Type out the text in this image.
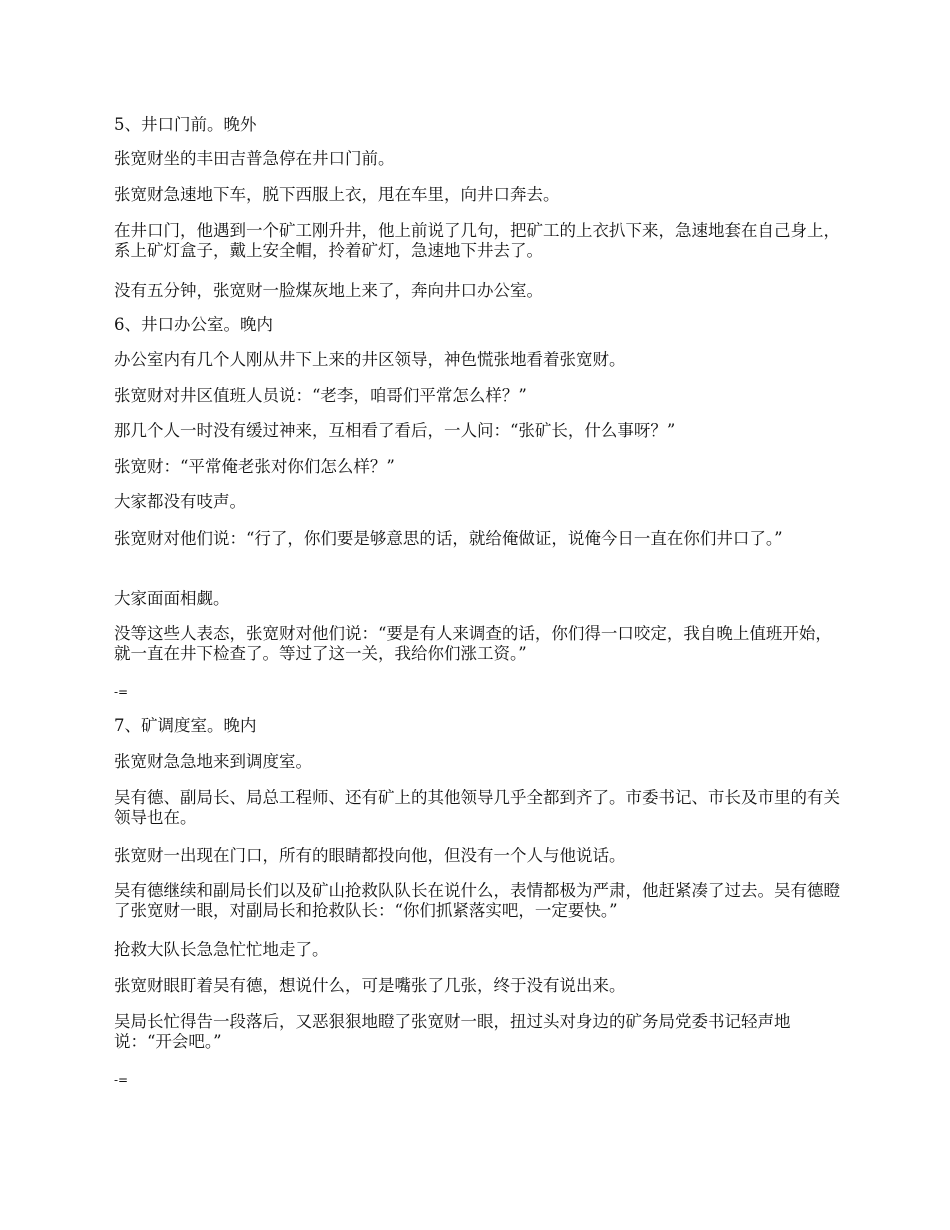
5、井口门前。晚外

张宽财坐的丰田吉普急停在井口门前。

张宽财急速地下车，脱下西服上衣，甩在车里，向井口奔去。

在井口门，他遇到一个矿工刚升井，他上前说了几句，把矿工的上衣扒下来，急速地套在自己身上，系上矿灯盒子，戴上安全帽，拎着矿灯，急速地下井去了。

没有五分钟，张宽财一脸煤灰地上来了，奔向井口办公室。

6、井口办公室。晚内

办公室内有几个人刚从井下上来的井区领导，神色慌张地看着张宽财。

张宽财对井区值班人员说：“老李，咱哥们平常怎么样？”

那几个人一时没有缓过神来，互相看了看后，一人问：“张矿长，什么事呀？”

张宽财：“平常俺老张对你们怎么样？”

大家都没有吱声。

张宽财对他们说：“行了，你们要是够意思的话，就给俺做证，说俺今日一直在你们井口了。”

大家面面相觑。

没等这些人表态，张宽财对他们说：“要是有人来调查的话，你们得一口咬定，我自晚上值班开始，就一直在井下检查了。等过了这一关，我给你们涨工资。”

-=

7、矿调度室。晚内

张宽财急急地来到调度室。

吴有德、副局长、局总工程师、还有矿上的其他领导几乎全都到齐了。市委书记、市长及市里的有关领导也在。

张宽财一出现在门口，所有的眼睛都投向他，但没有一个人与他说话。

吴有德继续和副局长们以及矿山抢救队队长在说什么，表情都极为严肃，他赶紧凑了过去。吴有德瞪了张宽财一眼，对副局长和抢救队长：“你们抓紧落实吧，一定要快。”

抢救大队长急急忙忙地走了。

张宽财眼盯着吴有德，想说什么，可是嘴张了几张，终于没有说出来。

吴局长忙得告一段落后，又恶狠狠地瞪了张宽财一眼，扭过头对身边的矿务局党委书记轻声地说：“开会吧。”

-=
